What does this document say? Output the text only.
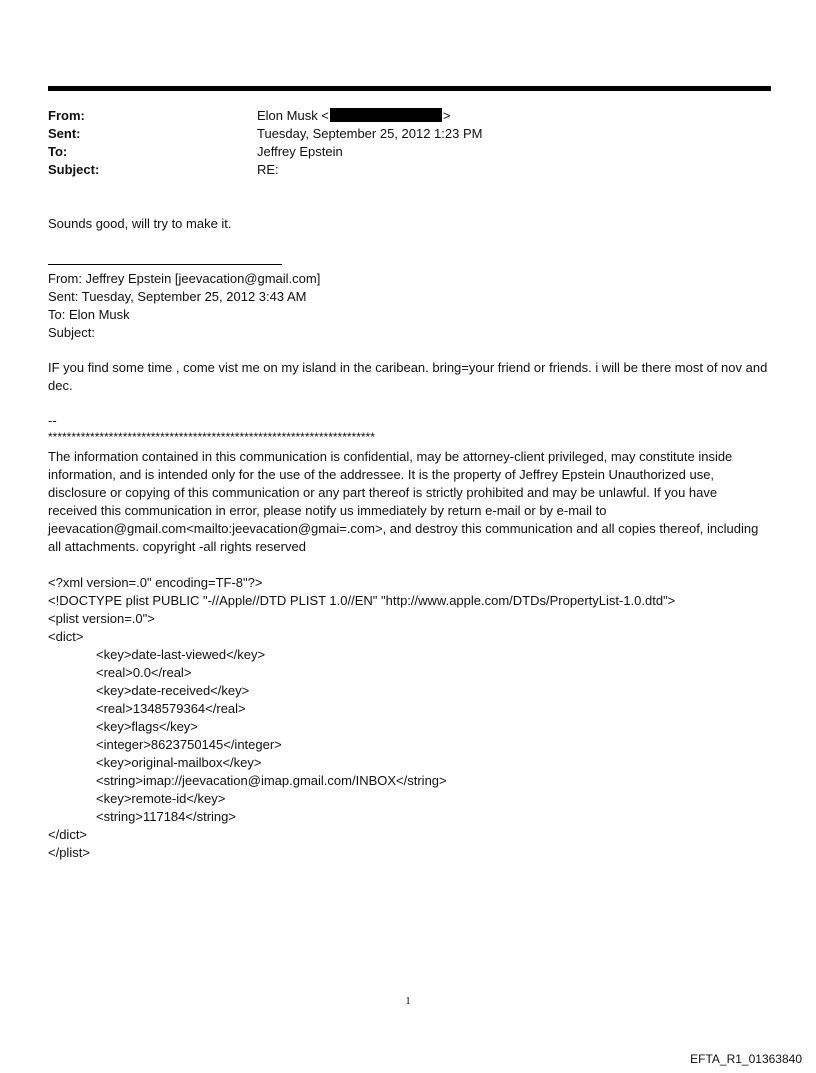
From:	Elon Musk <	>
Sent:	Tuesday, September 25, 2012 1:23 PM
To:	Jeffrey Epstein
Subject:	RE:
Sounds good, will try to make it.
From: Jeffrey Epstein [jeevacation@gmail.com]
Sent: Tuesday, September 25, 2012 3:43 AM
To: Elon Musk
Subject:
IF you find some time , come vist me on my island in the caribean. bring=your friend or friends. i will be there most of nov and dec.
--
**********************************************************************
The information contained in this communication is confidential, may be attorney-client privileged, may constitute inside information, and is intended only for the use of the addressee. It is the property of Jeffrey Epstein Unauthorized use, disclosure or copying of this communication or any part thereof is strictly prohibited and may be unlawful. If you have received this communication in error, please notify us immediately by return e-mail or by e-mail to jeevacation@gmail.com<mailto:jeevacation@gmai=.com>, and destroy this communication and all copies thereof, including all attachments. copyright -all rights reserved
<?xml version=.0" encoding=TF-8"?>
<!DOCTYPE plist PUBLIC "-//Apple//DTD PLIST 1.0//EN" "http://www.apple.com/DTDs/PropertyList-1.0.dtd">
<plist version=.0">
<dict>
<key>date-last-viewed</key>
<real>0.0</real>
<key>date-received</key>
<real>1348579364</real>
<key>flags</key>
<integer>8623750145</integer>
<key>original-mailbox</key>
<string>imap://jeevacation@imap.gmail.com/INBOX</string>
<key>remote-id</key>
<string>117184</string>
</dict>
</plist>
1
EFTA_R1_01363840
